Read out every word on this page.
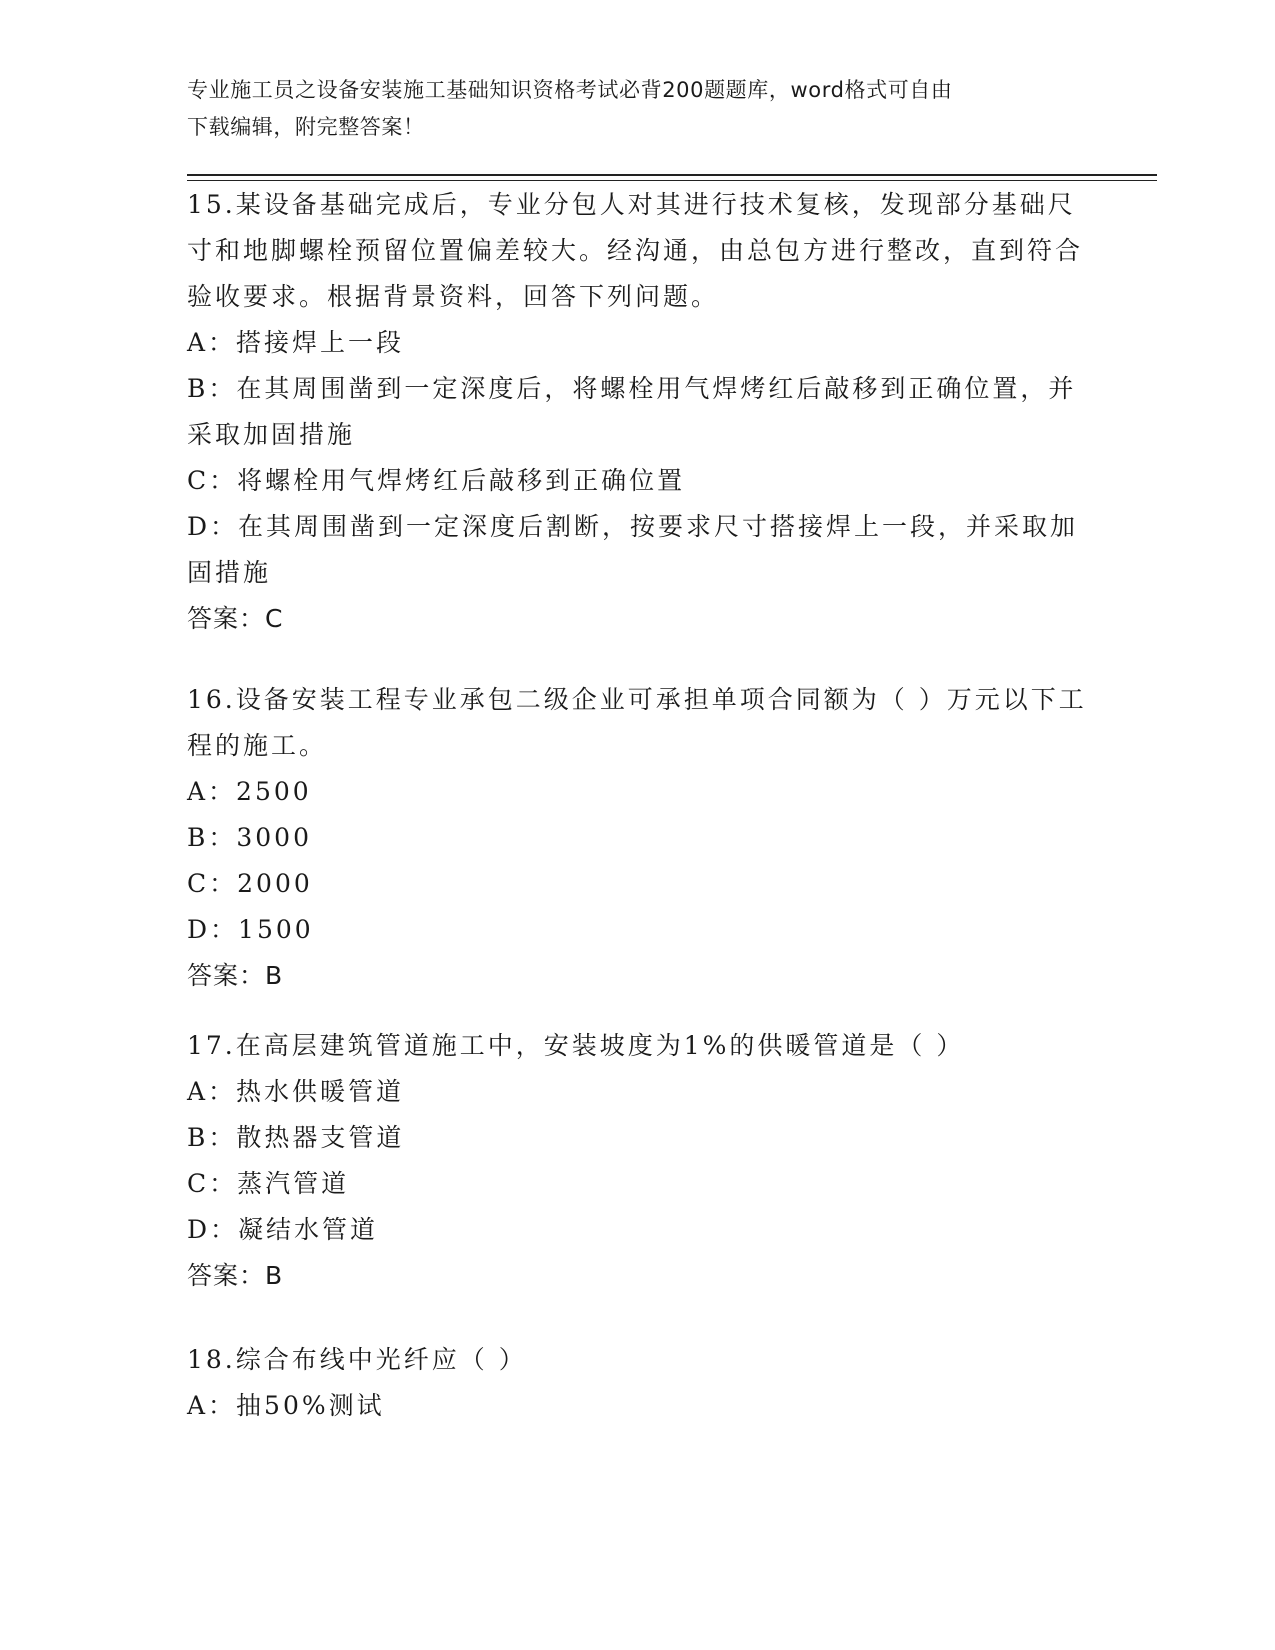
专业施工员之设备安装施工基础知识资格考试必背200题题库，word格式可自由
下载编辑，附完整答案！
15.某设备基础完成后，专业分包人对其进行技术复核，发现部分基础尺寸和地脚螺栓预留位置偏差较大。经沟通，由总包方进行整改，直到符合验收要求。根据背景资料，回答下列问题。
A：搭接焊上一段
B：在其周围凿到一定深度后，将螺栓用气焊烤红后敲移到正确位置，并采取加固措施
C：将螺栓用气焊烤红后敲移到正确位置
D：在其周围凿到一定深度后割断，按要求尺寸搭接焊上一段，并采取加固措施
答案：C
16.设备安装工程专业承包二级企业可承担单项合同额为（ ）万元以下工程的施工。
A：2500
B：3000
C：2000
D：1500
答案：B
17.在高层建筑管道施工中，安装坡度为1%的供暖管道是（ ）
A：热水供暖管道
B：散热器支管道
C：蒸汽管道
D：凝结水管道
答案：B
18.综合布线中光纤应（ ）
A：抽50%测试
